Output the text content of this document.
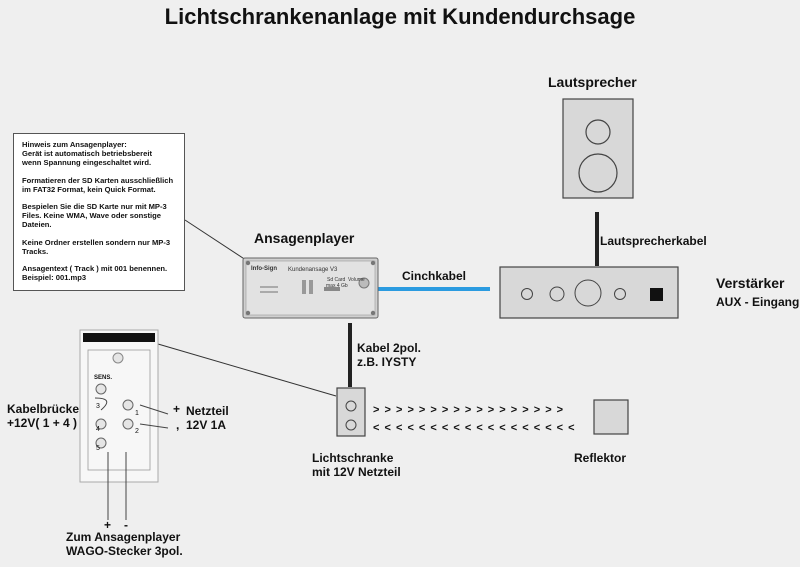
Lichtschrankenanlage mit Kundendurchsage
Info-Sign Kundenansage V3
Sd Card
max 4 Gb
Volume
SENS.
3
1
4	2
5

Hinweis zum Ansagenplayer:
Gerät ist automatisch betriebsbereit
wenn Spannung eingeschaltet wird.

Formatieren der SD Karten ausschließlich
im FAT32 Format, kein Quick Format.

Bespielen Sie die SD Karte nur mit MP-3
Files. Keine WMA, Wave oder sonstige
Dateien.

Keine Ordner erstellen sondern nur MP-3
Tracks.

Ansagentext ( Track ) mit 001 benennen.
Beispiel: 001.mp3

Lautsprecher
Lautsprecherkabel
Ansagenplayer
Cinchkabel	Verstärker
AUX - Eingang
Kabel 2pol.
z.B. IYSTY
> > > > > > > > > > > > > > > > >
< < < < < < < < < < < < < < < < < <
Lichtschranke
mit 12V Netzteil
Reflektor
Kabelbrücke
+12V( 1 + 4 )
+
,
Netzteil
12V 1A
+ -
Zum Ansagenplayer
WAGO-Stecker 3pol.
